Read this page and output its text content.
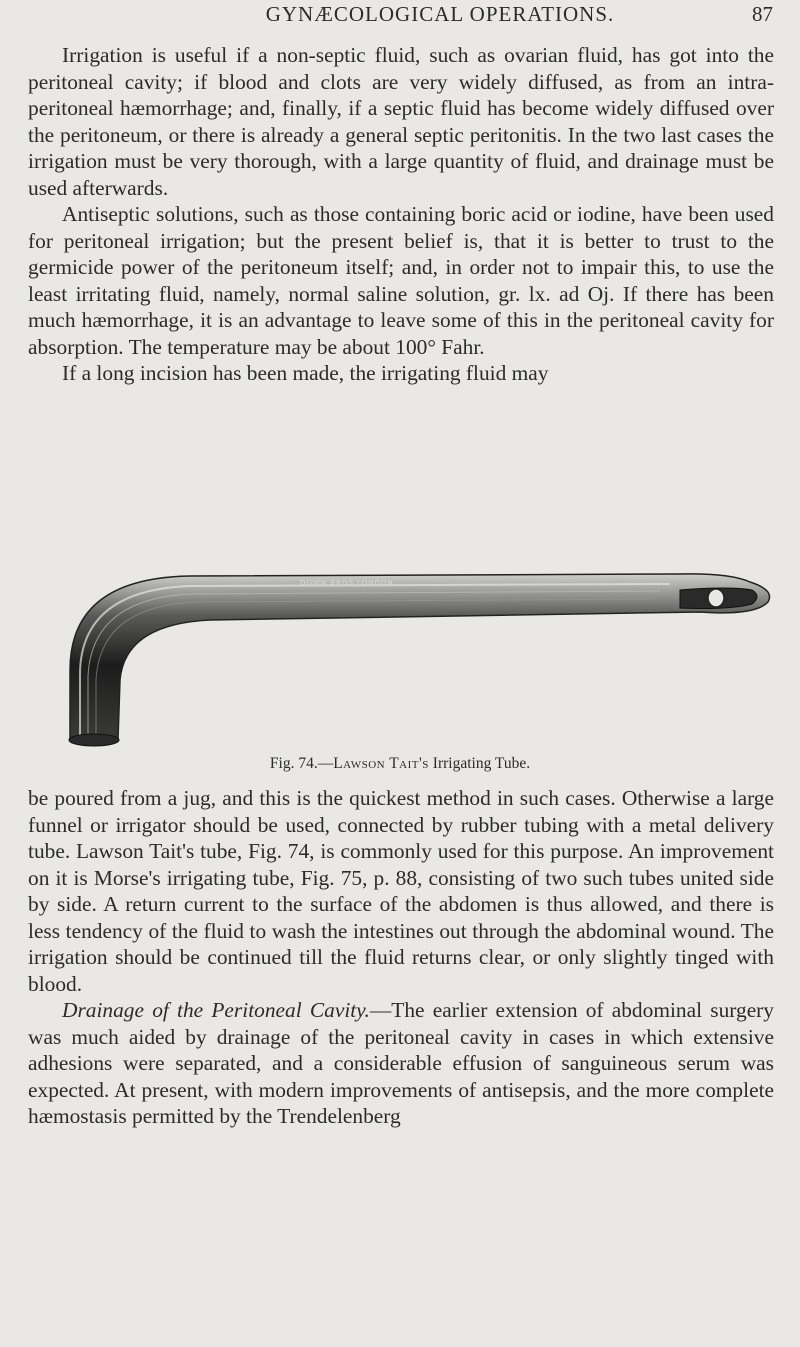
GYNÆCOLOGICAL OPERATIONS.	87

Irrigation is useful if a non-septic fluid, such as ovarian fluid, has got into the peritoneal cavity; if blood and clots are very widely diffused, as from an intra-peritoneal hæmorrhage; and, finally, if a septic fluid has become widely diffused over the peritoneum, or there is already a general septic peritonitis. In the two last cases the irrigation must be very thorough, with a large quantity of fluid, and drainage must be used afterwards.

Antiseptic solutions, such as those containing boric acid or iodine, have been used for peritoneal irrigation; but the present belief is, that it is better to trust to the germicide power of the peritoneum itself; and, in order not to impair this, to use the least irritating fluid, namely, normal saline solution, gr. lx. ad Oj. If there has been much hæmorrhage, it is an advantage to leave some of this in the peritoneal cavity for absorption. The temperature may be about 100° Fahr.

If a long incision has been made, the irrigating fluid may

DOWN BROS LONDON
Fig. 74.—Lawson Tait's Irrigating Tube.

be poured from a jug, and this is the quickest method in such cases. Otherwise a large funnel or irrigator should be used, connected by rubber tubing with a metal delivery tube. Lawson Tait's tube, Fig. 74, is commonly used for this purpose. An improvement on it is Morse's irrigating tube, Fig. 75, p. 88, consisting of two such tubes united side by side. A return current to the surface of the abdomen is thus allowed, and there is less tendency of the fluid to wash the intestines out through the abdominal wound. The irrigation should be continued till the fluid returns clear, or only slightly tinged with blood.

Drainage of the Peritoneal Cavity.—The earlier extension of abdominal surgery was much aided by drainage of the peritoneal cavity in cases in which extensive adhesions were separated, and a considerable effusion of sanguineous serum was expected. At present, with modern improvements of antisepsis, and the more complete hæmostasis permitted by the Trendelenberg
